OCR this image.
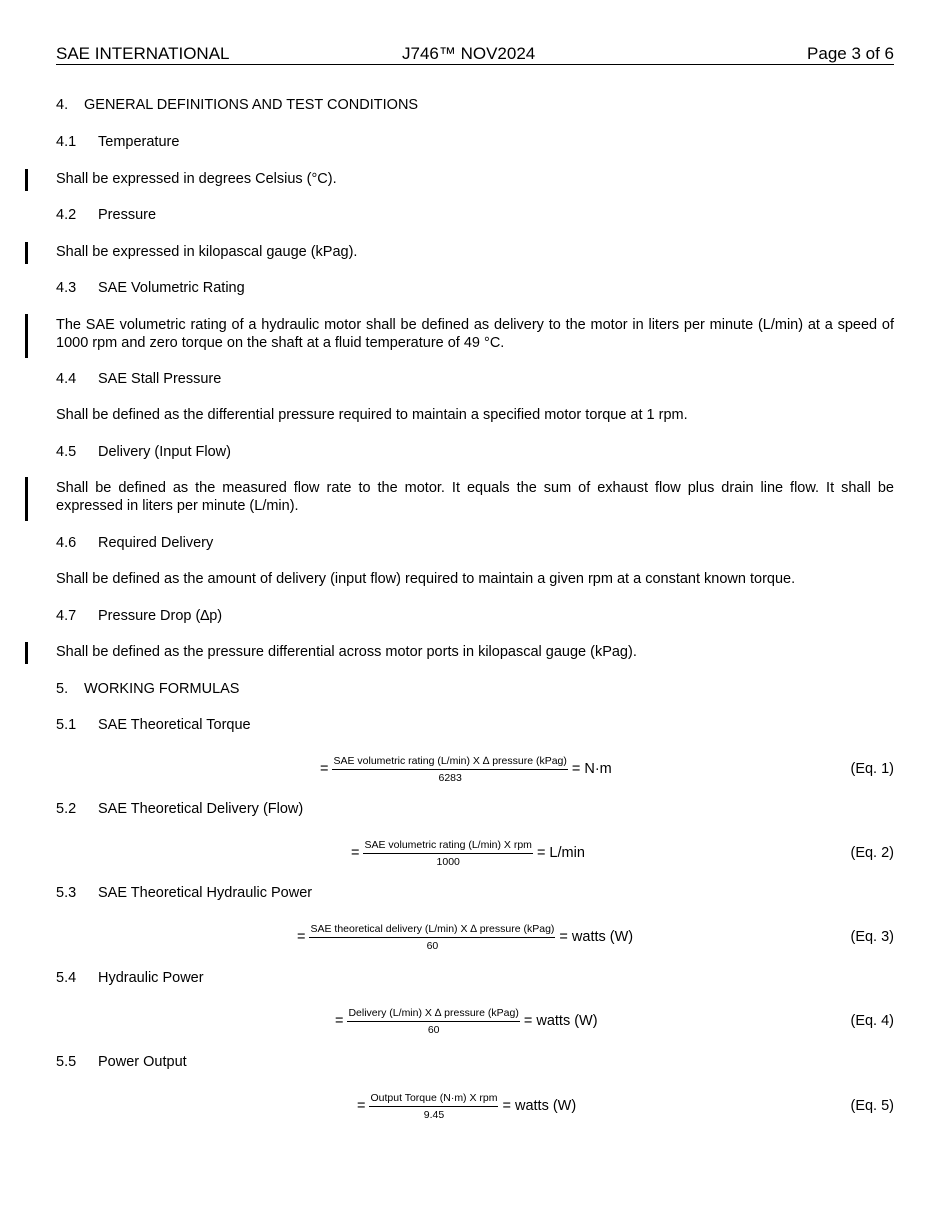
SAE INTERNATIONAL	J746™ NOV2024	Page 3 of 6
4. GENERAL DEFINITIONS AND TEST CONDITIONS
4.1 Temperature
Shall be expressed in degrees Celsius (°C).
4.2 Pressure
Shall be expressed in kilopascal gauge (kPag).
4.3 SAE Volumetric Rating
The SAE volumetric rating of a hydraulic motor shall be defined as delivery to the motor in liters per minute (L/min) at a speed of 1000 rpm and zero torque on the shaft at a fluid temperature of 49 °C.
4.4 SAE Stall Pressure
Shall be defined as the differential pressure required to maintain a specified motor torque at 1 rpm.
4.5 Delivery (Input Flow)
Shall be defined as the measured flow rate to the motor. It equals the sum of exhaust flow plus drain line flow. It shall be expressed in liters per minute (L/min).
4.6 Required Delivery
Shall be defined as the amount of delivery (input flow) required to maintain a given rpm at a constant known torque.
4.7 Pressure Drop (∆p)
Shall be defined as the pressure differential across motor ports in kilopascal gauge (kPag).
5. WORKING FORMULAS
5.1 SAE Theoretical Torque
= $\frac{\text{SAE volumetric rating (L/min) X ∆ pressure (kPag)}}{6283} = N\cdot m$	(Eq. 1)
5.2 SAE Theoretical Delivery (Flow)
= $\frac{\text{SAE volumetric rating (L/min) X rpm}}{1000} = L/\min$	(Eq. 2)
5.3 SAE Theoretical Hydraulic Power
= $\frac{\text{SAE theoretical delivery (L/min) X ∆ pressure (kPag)}}{60}$ = watts (W)	(Eq. 3)
5.4 Hydraulic Power
= $\frac{\text{Delivery (L/min) X ∆ pressure (kPag)}}{60}$ = watts (W)	(Eq. 4)
5.5 Power Output
= $\frac{\text{Output Torque (N·m) X rpm}}{9.45}$ = watts (W)	(Eq. 5)
